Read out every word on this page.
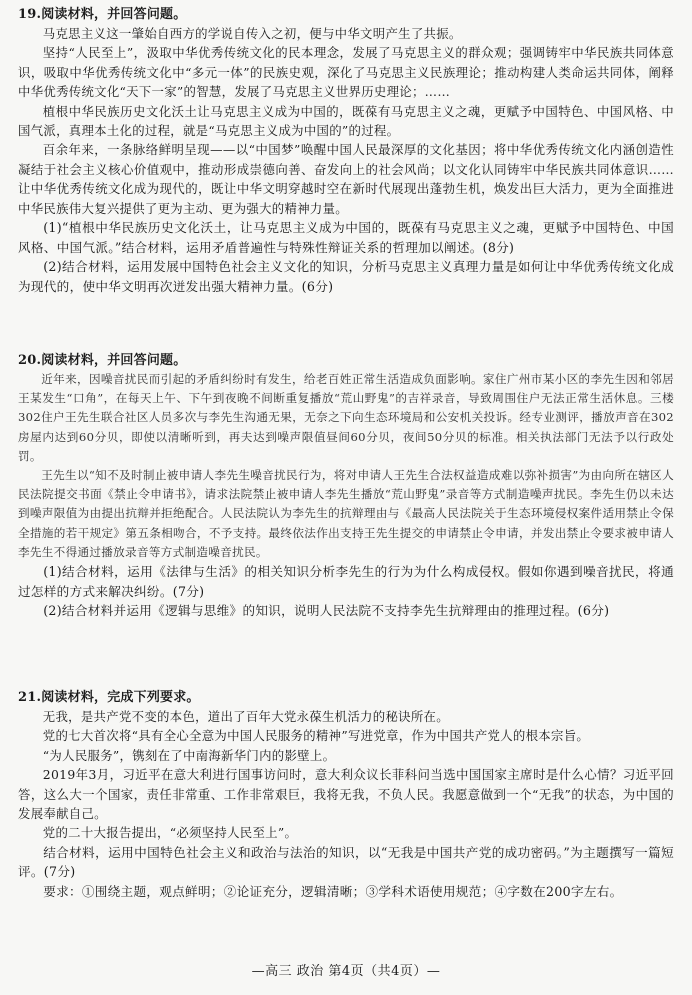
19.阅读材料，并回答问题。

马克思主义这一肇始自西方的学说自传入之初，便与中华文明产生了共振。

坚持“人民至上”，汲取中华优秀传统文化的民本理念，发展了马克思主义的群众观；强调铸牢中华民族共同体意识，吸取中华优秀传统文化中“多元一体”的民族史观，深化了马克思主义民族理论；推动构建人类命运共同体，阐释中华优秀传统文化“天下一家”的智慧，发展了马克思主义世界历史理论；……

植根中华民族历史文化沃土让马克思主义成为中国的，既葆有马克思主义之魂，更赋予中国特色、中国风格、中国气派，真理本土化的过程，就是“马克思主义成为中国的”的过程。

百余年来，一条脉络鲜明呈现——以“中国梦”唤醒中国人民最深厚的文化基因；将中华优秀传统文化内涵创造性凝结于社会主义核心价值观中，推动形成崇德向善、奋发向上的社会风尚；以文化认同铸牢中华民族共同体意识……让中华优秀传统文化成为现代的，既让中华文明穿越时空在新时代展现出蓬勃生机，焕发出巨大活力，更为全面推进中华民族伟大复兴提供了更为主动、更为强大的精神力量。

(1)“植根中华民族历史文化沃土，让马克思主义成为中国的，既葆有马克思主义之魂，更赋予中国特色、中国风格、中国气派。”结合材料，运用矛盾普遍性与特殊性辩证关系的哲理加以阐述。(8分)

(2)结合材料，运用发展中国特色社会主义文化的知识，分析马克思主义真理力量是如何让中华优秀传统文化成为现代的，使中华文明再次迸发出强大精神力量。(6分)

20.阅读材料，并回答问题。

近年来，因噪音扰民而引起的矛盾纠纷时有发生，给老百姓正常生活造成负面影响。家住广州市某小区的李先生因和邻居王某发生“口角”，在每天上午、下午到夜晚不间断重复播放“荒山野鬼”的吉祥录音，导致周围住户无法正常生活休息。三楼302住户王先生联合社区人员多次与李先生沟通无果，无奈之下向生态环境局和公安机关投诉。经专业测评，播放声音在302房屋内达到60分贝，即使以清晰听到，再夫达到噪声限值昼间60分贝，夜间50分贝的标准。相关执法部门无法予以行政处罚。

王先生以“知不及时制止被申请人李先生噪音扰民行为，将对申请人王先生合法权益造成难以弥补损害”为由向所在辖区人民法院提交书面《禁止令申请书》，请求法院禁止被申请人李先生播放“荒山野鬼”录音等方式制造噪声扰民。李先生仍以未达到噪声限值为由提出抗辩并拒绝配合。人民法院认为李先生的抗辩理由与《最高人民法院关于生态环境侵权案件适用禁止令保全措施的若干规定》第五条相吻合，不予支持。最终依法作出支持王先生提交的申请禁止令申请，并发出禁止令要求被申请人李先生不得通过播放录音等方式制造噪音扰民。

(1)结合材料，运用《法律与生活》的相关知识分析李先生的行为为什么构成侵权。假如你遇到噪音扰民，将通过怎样的方式来解决纠纷。(7分)

(2)结合材料并运用《逻辑与思维》的知识，说明人民法院不支持李先生抗辩理由的推理过程。(6分)

21.阅读材料，完成下列要求。

无我，是共产党不变的本色，道出了百年大党永葆生机活力的秘诀所在。

党的七大首次将“具有全心全意为中国人民服务的精神”写进党章，作为中国共产党人的根本宗旨。

“为人民服务”，镌刻在了中南海新华门内的影壁上。

2019年3月，习近平在意大利进行国事访问时，意大利众议长菲科问当选中国国家主席时是什么心情？习近平回答，这么大一个国家，责任非常重、工作非常艰巨，我将无我，不负人民。我愿意做到一个“无我”的状态，为中国的发展奉献自己。

党的二十大报告提出，“必须坚持人民至上”。

结合材料，运用中国特色社会主义和政治与法治的知识，以“无我是中国共产党的成功密码。”为主题撰写一篇短评。(7分)

要求：①围绕主题，观点鲜明；②论证充分，逻辑清晰；③学科术语使用规范；④字数在200字左右。

—高三 政治 第4页（共4页）—
